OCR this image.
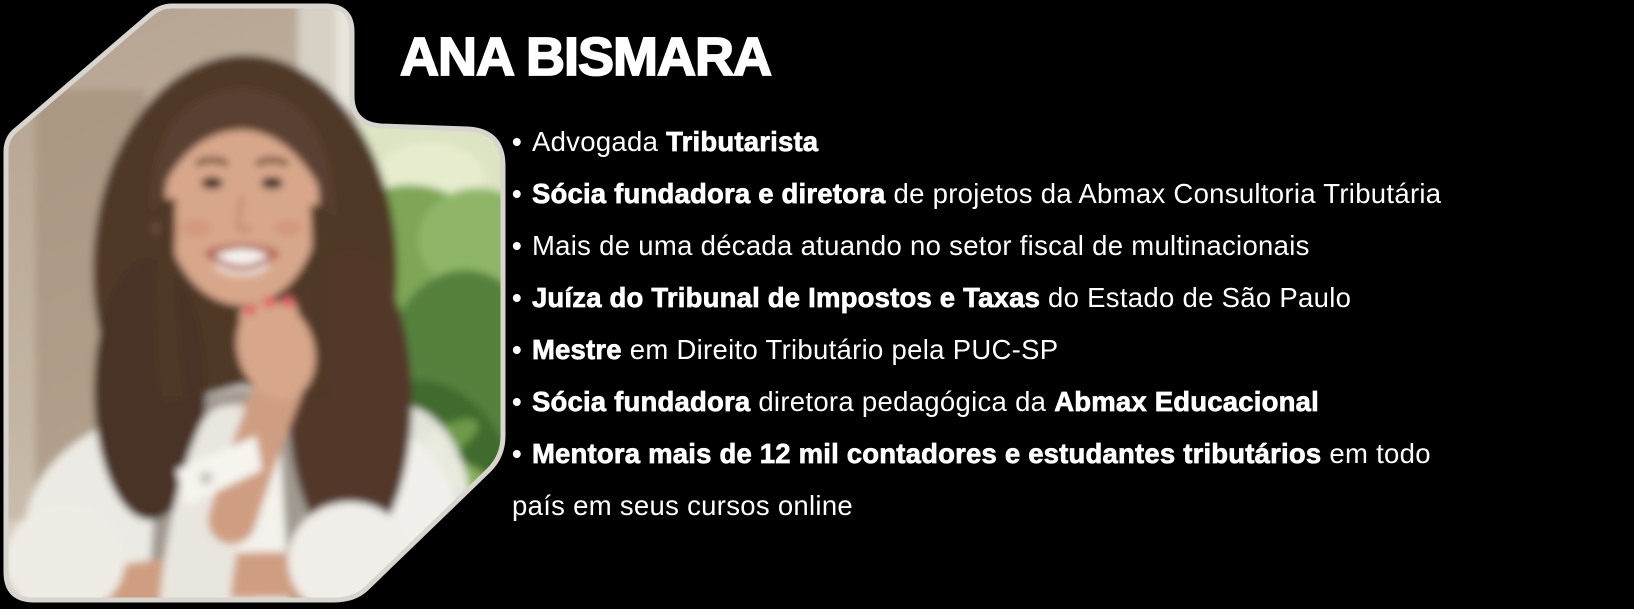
ANA BISMARA
• Advogada Tributarista
• Sócia fundadora e diretora de projetos da Abmax Consultoria Tributária
• Mais de uma década atuando no setor fiscal de multinacionais
• Juíza do Tribunal de Impostos e Taxas do Estado de São Paulo
• Mestre em Direito Tributário pela PUC-SP
• Sócia fundadora diretora pedagógica da Abmax Educacional
• Mentora mais de 12 mil contadores e estudantes tributários em todo
país em seus cursos online
